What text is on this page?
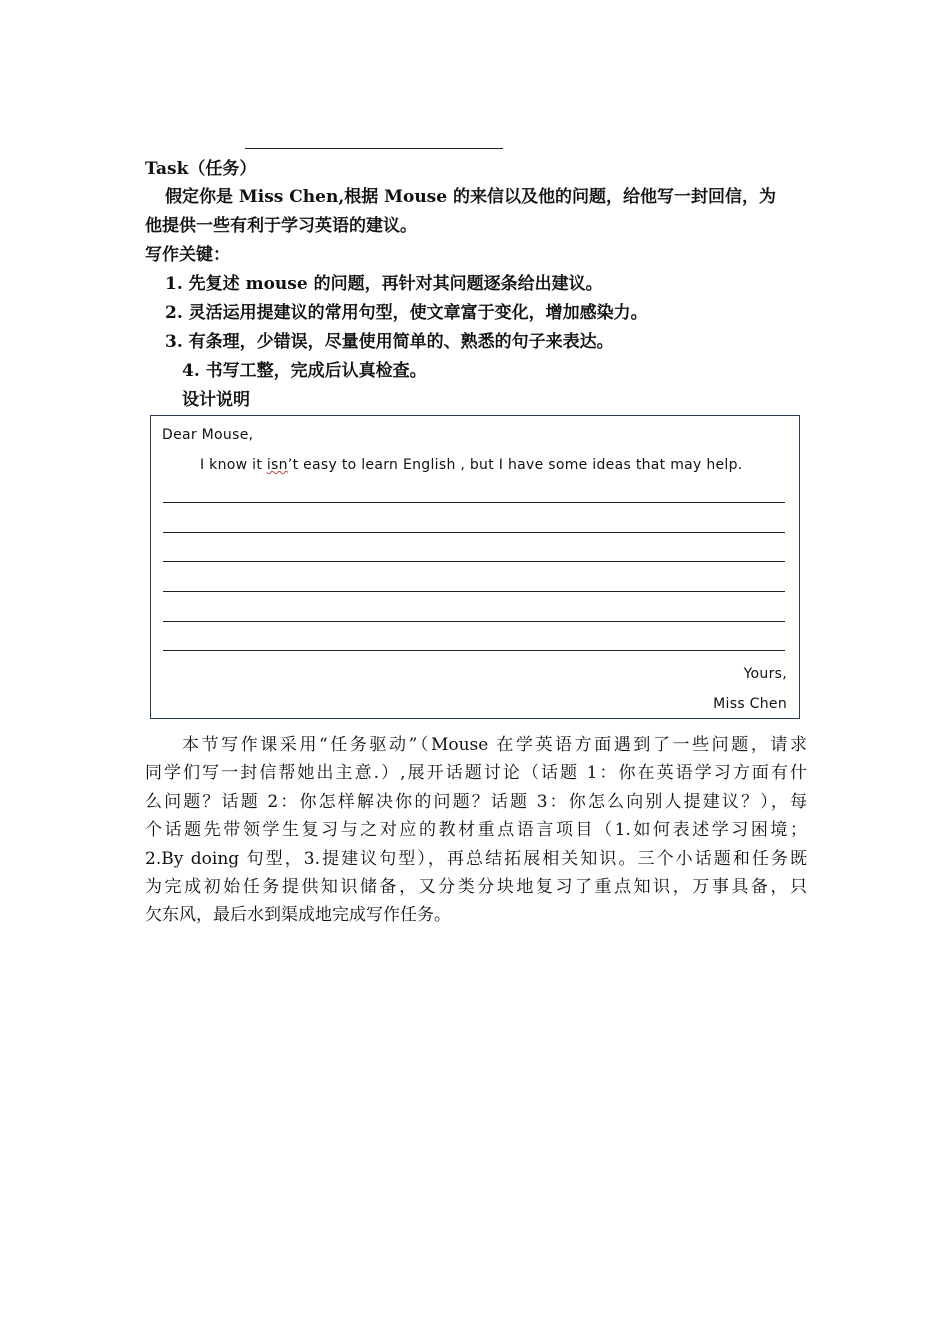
Task（任务）
假定你是 Miss Chen,根据 Mouse 的来信以及他的问题，给他写一封回信，为
他提供一些有利于学习英语的建议。
写作关键：
1. 先复述 mouse 的问题，再针对其问题逐条给出建议。
2. 灵活运用提建议的常用句型，使文章富于变化，增加感染力。
3. 有条理，少错误，尽量使用简单的、熟悉的句子来表达。
4. 书写工整，完成后认真检查。
设计说明
Dear Mouse,
I know it isn’t easy to learn English , but I have some ideas that may help.
Yours,
Miss Chen
本节写作课采用“任务驱动”（Mouse 在学英语方面遇到了一些问题，请求
同学们写一封信帮她出主意.）,展开话题讨论（话题 1：你在英语学习方面有什
么问题？话题 2：你怎样解决你的问题？话题 3：你怎么向别人提建议？），每
个话题先带领学生复习与之对应的教材重点语言项目（1.如何表述学习困境；
2.By doing 句型，3.提建议句型），再总结拓展相关知识。三个小话题和任务既
为完成初始任务提供知识储备，又分类分块地复习了重点知识，万事具备，只
欠东风，最后水到渠成地完成写作任务。
